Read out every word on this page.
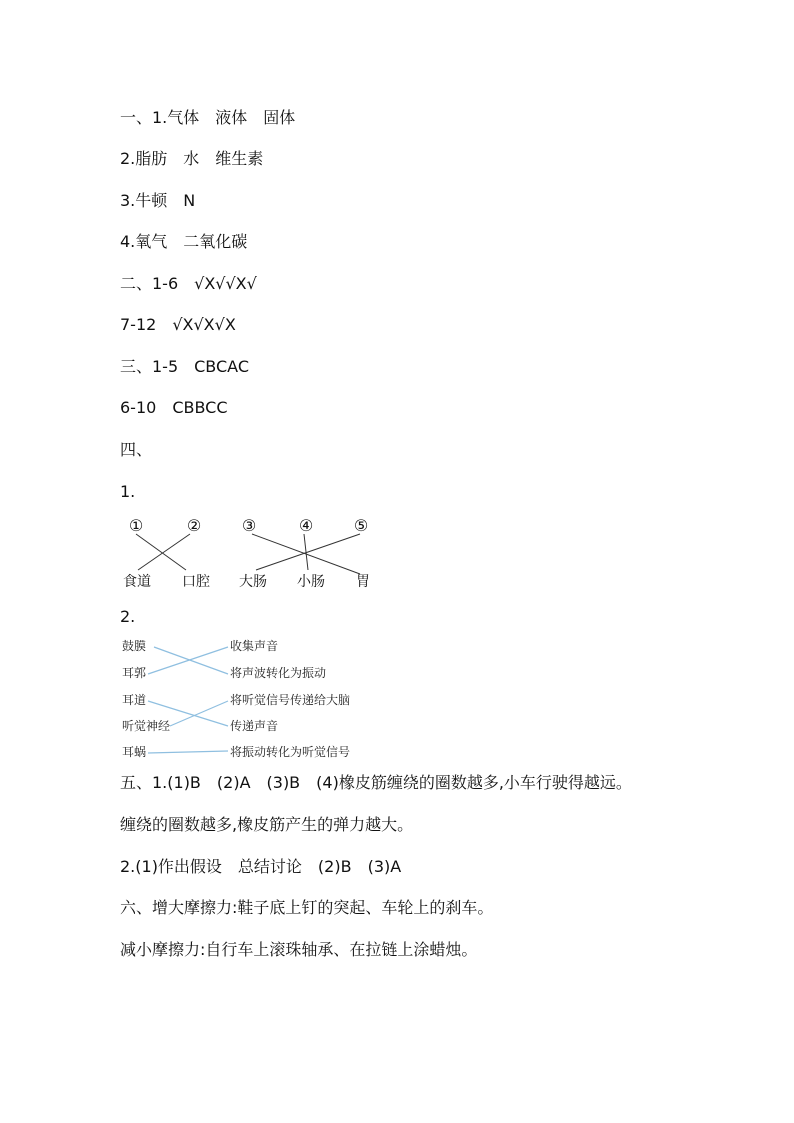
一、1.气体　液体　固体
2.脂肪　水　维生素
3.牛顿　N
4.氧气　二氧化碳
二、1-6　√X√√X√
7-12　√X√X√X
三、1-5　CBCAC
6-10　CBBCC
四、
1.
①	②	③	④	⑤
食道 口腔 大肠 小肠 胃
2.
鼓膜
耳郭
耳道
听觉神经
耳蜗
收集声音
将声波转化为振动
将听觉信号传递给大脑
传递声音
将振动转化为听觉信号
五、1.(1)B　(2)A　(3)B　(4)橡皮筋缠绕的圈数越多,小车行驶得越远。
缠绕的圈数越多,橡皮筋产生的弹力越大。
2.(1)作出假设　总结讨论　(2)B　(3)A
六、增大摩擦力:鞋子底上钉的突起、车轮上的刹车。
减小摩擦力:自行车上滚珠轴承、在拉链上涂蜡烛。
